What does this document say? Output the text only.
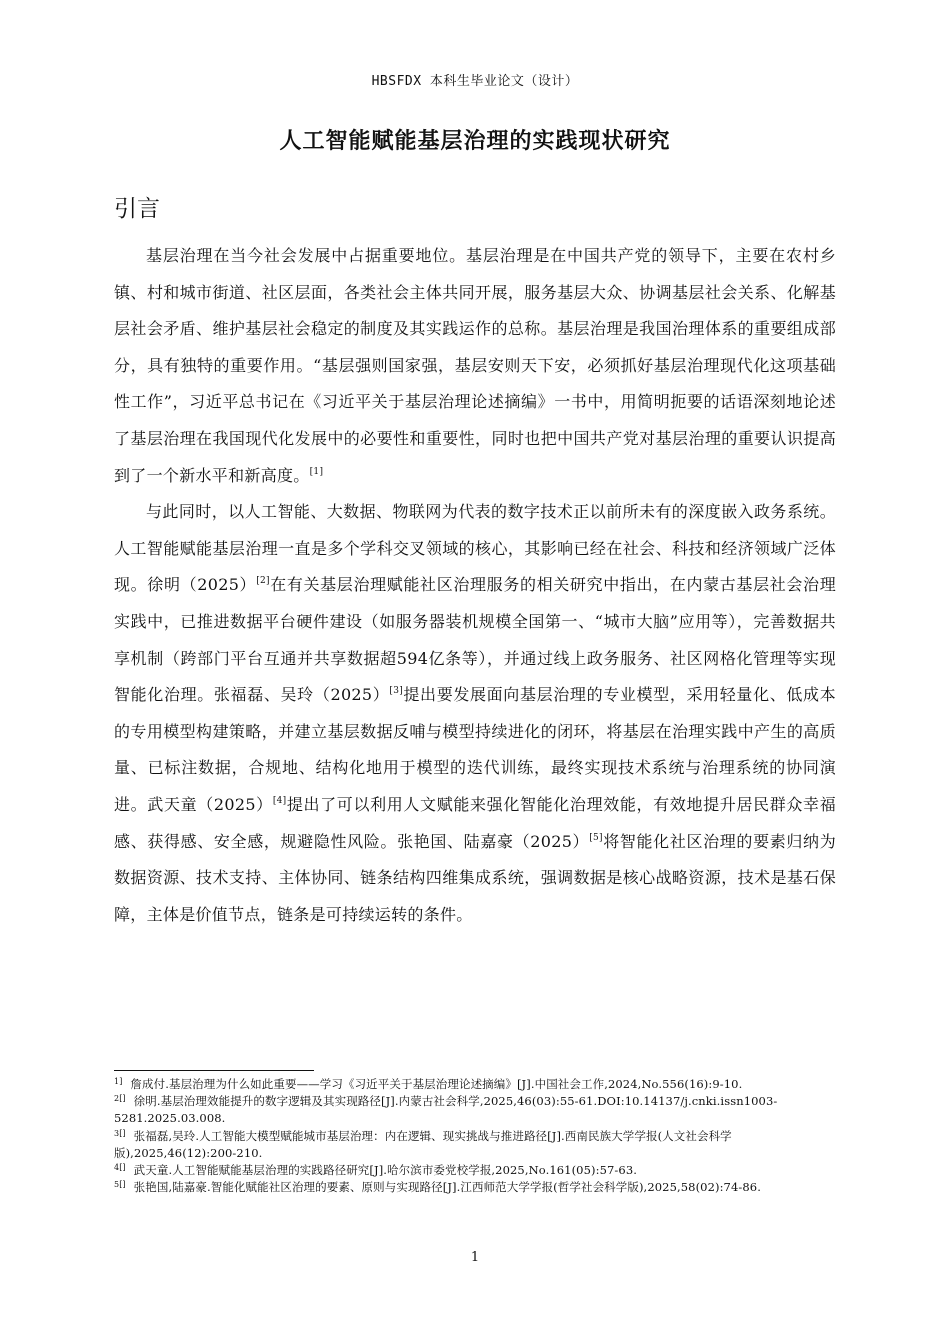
HBSFDX 本科生毕业论文（设计）
人工智能赋能基层治理的实践现状研究
引言

基层治理在当今社会发展中占据重要地位。基层治理是在中国共产党的领导下，主要在农村乡镇、村和城市街道、社区层面，各类社会主体共同开展，服务基层大众、协调基层社会关系、化解基层社会矛盾、维护基层社会稳定的制度及其实践运作的总称。基层治理是我国治理体系的重要组成部分，具有独特的重要作用。“基层强则国家强，基层安则天下安，必须抓好基层治理现代化这项基础性工作”，习近平总书记在《习近平关于基层治理论述摘编》一书中，用简明扼要的话语深刻地论述了基层治理在我国现代化发展中的必要性和重要性，同时也把中国共产党对基层治理的重要认识提高到了一个新水平和新高度。[1]

与此同时，以人工智能、大数据、物联网为代表的数字技术正以前所未有的深度嵌入政务系统。人工智能赋能基层治理一直是多个学科交叉领域的核心，其影响已经在社会、科技和经济领域广泛体现。徐明（2025）[2]在有关基层治理赋能社区治理服务的相关研究中指出，在内蒙古基层社会治理实践中，已推进数据平台硬件建设（如服务器装机规模全国第一、“城市大脑”应用等），完善数据共享机制（跨部门平台互通并共享数据超594亿条等），并通过线上政务服务、社区网格化管理等实现智能化治理。张福磊、吴玲（2025）[3]提出要发展面向基层治理的专业模型，采用轻量化、低成本的专用模型构建策略，并建立基层数据反哺与模型持续进化的闭环，将基层在治理实践中产生的高质量、已标注数据，合规地、结构化地用于模型的迭代训练，最终实现技术系统与治理系统的协同演进。武天童（2025）[4]提出了可以利用人文赋能来强化智能化治理效能，有效地提升居民群众幸福感、获得感、安全感，规避隐性风险。张艳国、陆嘉豪（2025）[5]将智能化社区治理的要素归纳为数据资源、技术支持、主体协同、链条结构四维集成系统，强调数据是核心战略资源，技术是基石保障，主体是价值节点，链条是可持续运转的条件。

$^{1]}$ 詹成付.基层治理为什么如此重要——学习《习近平关于基层治理论述摘编》[J].中国社会工作,2024,No.556(16):9-10.

$^{2[]}$ 徐明.基层治理效能提升的数字逻辑及其实现路径[J].内蒙古社会科学,2025,46(03):55-61.DOI:10.14137/j.cnki.issn1003-5281.2025.03.008.

$^{3[]}$ 张福磊,吴玲.人工智能大模型赋能城市基层治理：内在逻辑、现实挑战与推进路径[J].西南民族大学学报(人文社会科学版),2025,46(12):200-210.

$^{4[]}$ 武天童.人工智能赋能基层治理的实践路径研究[J].哈尔滨市委党校学报,2025,No.161(05):57-63.

$^{5[]}$ 张艳国,陆嘉豪.智能化赋能社区治理的要素、原则与实现路径[J].江西师范大学学报(哲学社会科学版),2025,58(02):74-86.

1
